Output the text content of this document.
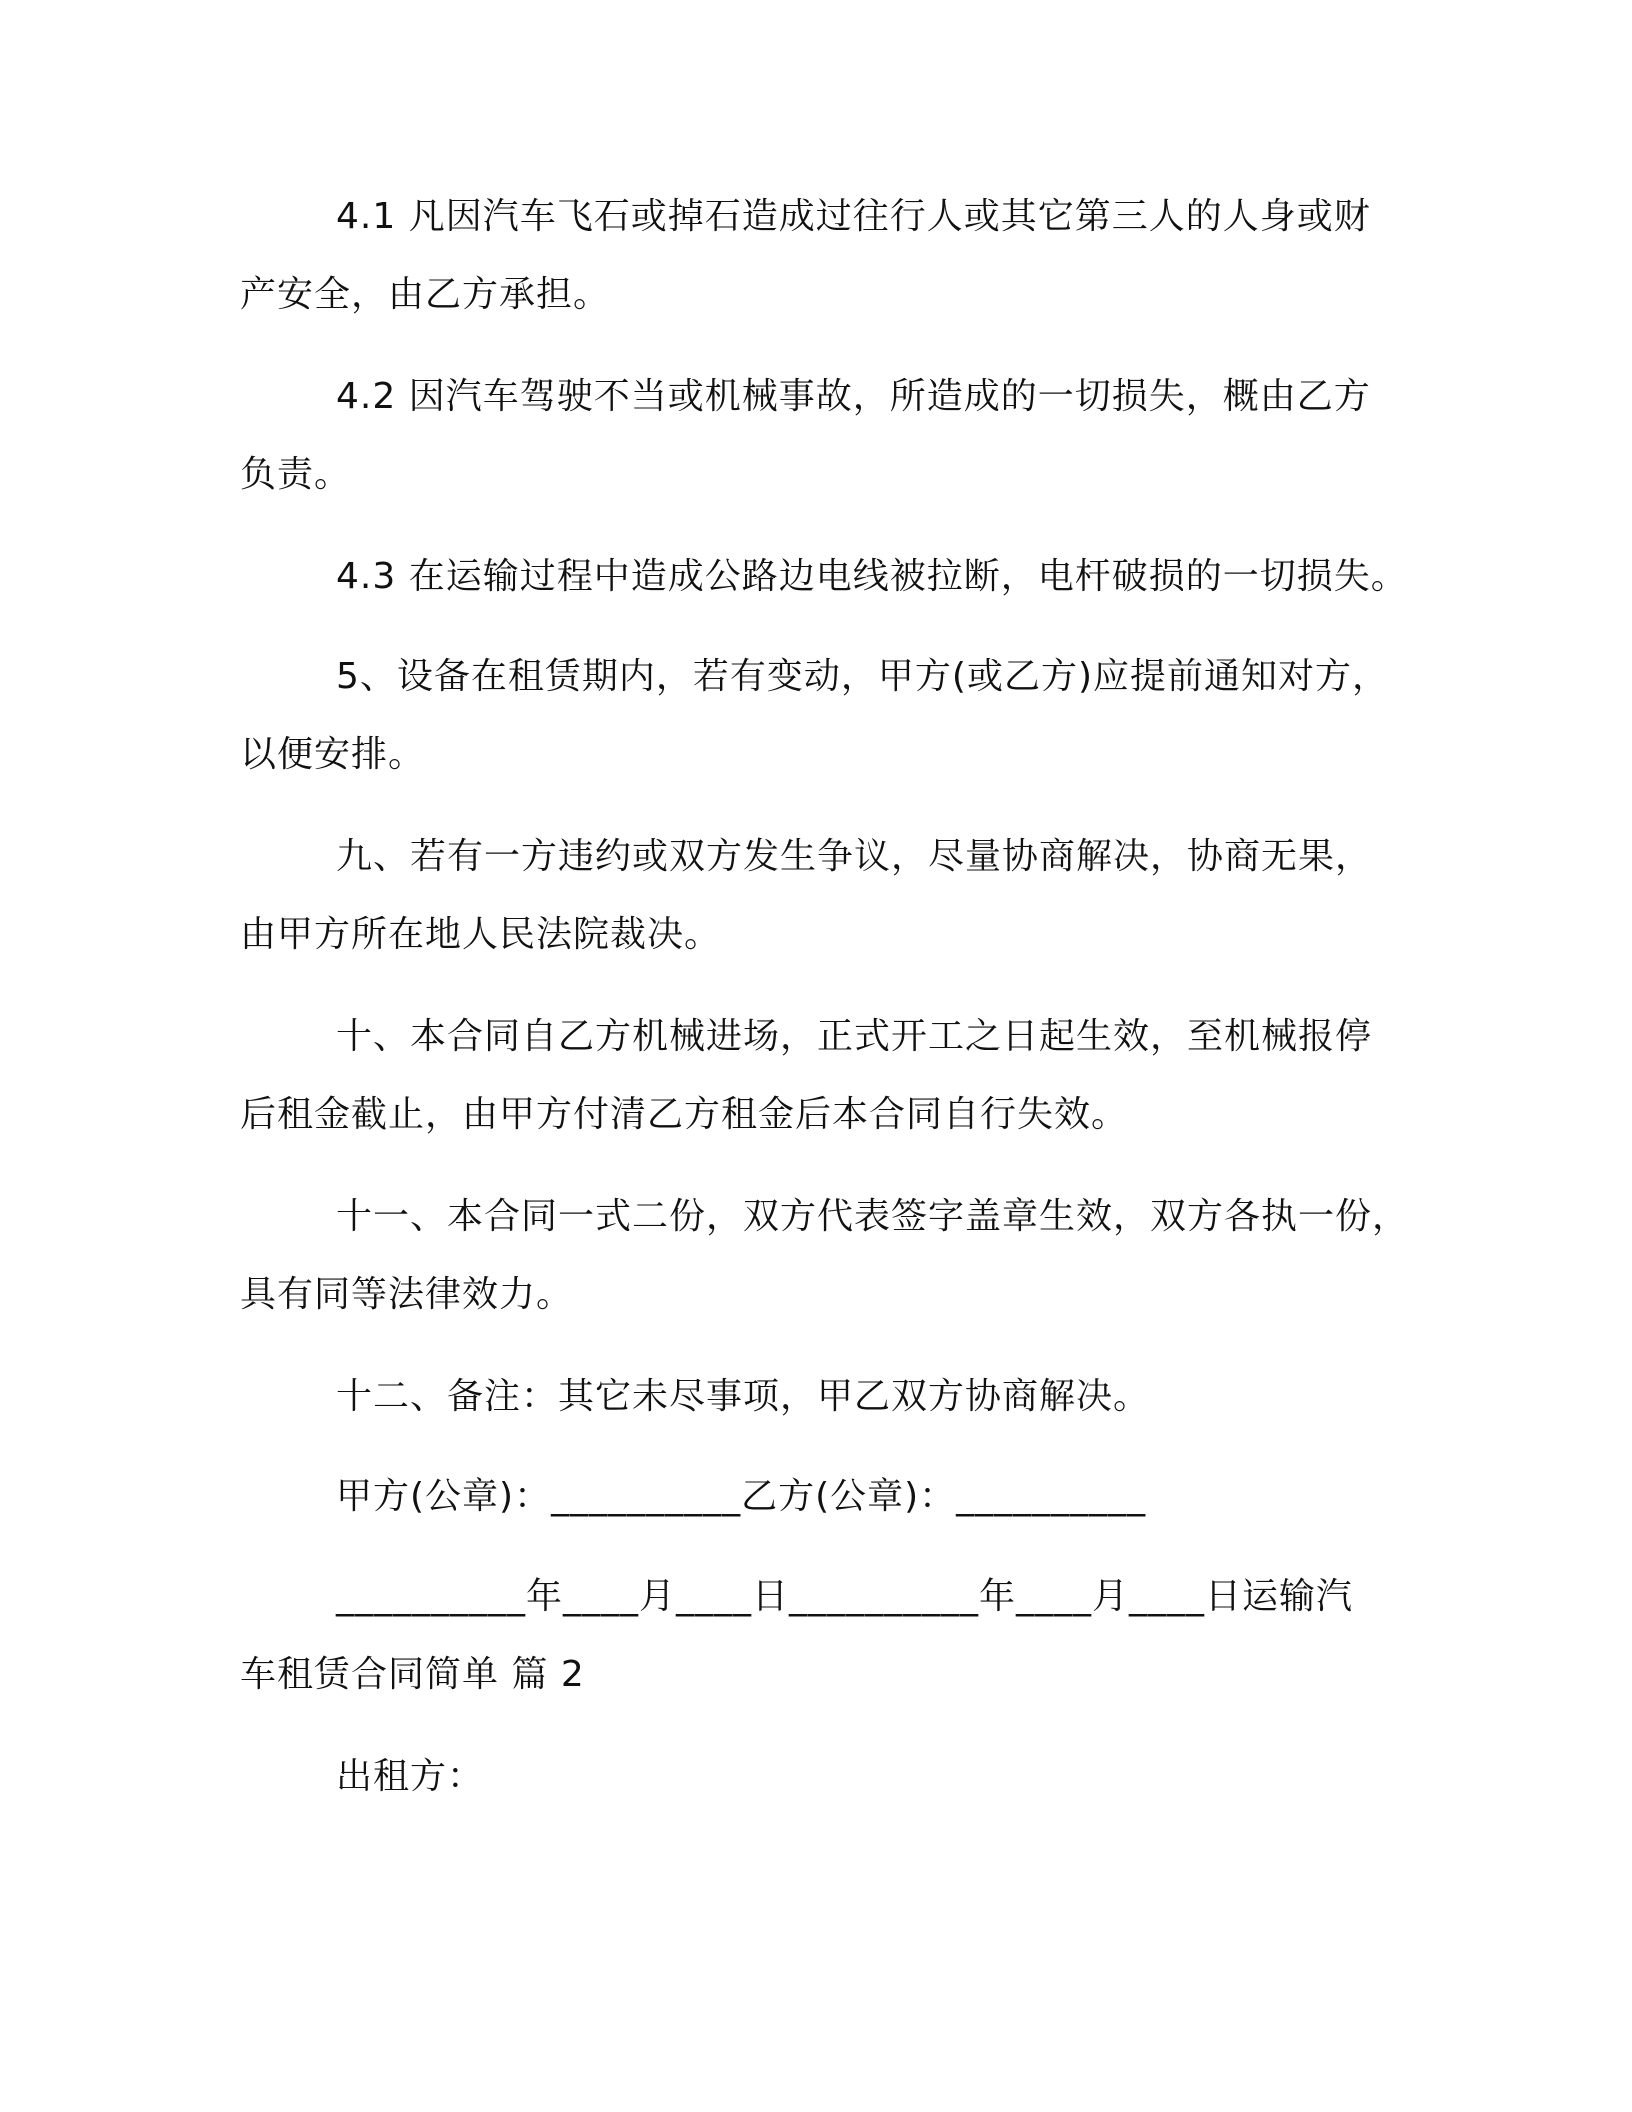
4.1 凡因汽车飞石或掉石造成过往行人或其它第三人的人身或财
产安全，由乙方承担。
4.2 因汽车驾驶不当或机械事故，所造成的一切损失，概由乙方
负责。
4.3 在运输过程中造成公路边电线被拉断，电杆破损的一切损失。
5、设备在租赁期内，若有变动，甲方(或乙方)应提前通知对方，
以便安排。
九、若有一方违约或双方发生争议，尽量协商解决，协商无果，
由甲方所在地人民法院裁决。
十、本合同自乙方机械进场，正式开工之日起生效，至机械报停
后租金截止，由甲方付清乙方租金后本合同自行失效。
十一、本合同一式二份，双方代表签字盖章生效，双方各执一份，
具有同等法律效力。
十二、备注：其它未尽事项，甲乙双方协商解决。
甲方(公章)：__________乙方(公章)：__________
__________年____月____日__________年____月____日运输汽
车租赁合同简单 篇 2
出租方：
